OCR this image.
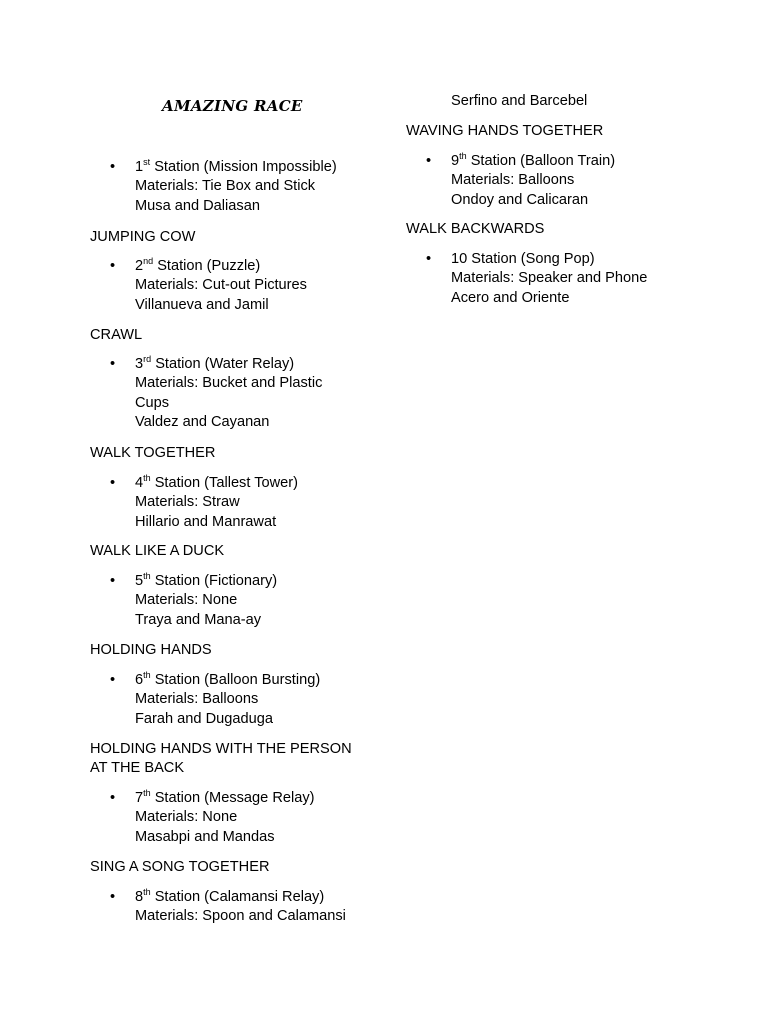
AMAZING RACE
• 1st Station (Mission Impossible)
Materials: Tie Box and Stick
Musa and Daliasan
JUMPING COW
• 2nd Station (Puzzle)
Materials: Cut-out Pictures
Villanueva and Jamil
CRAWL
• 3rd Station (Water Relay)
Materials: Bucket and Plastic
Cups
Valdez and Cayanan
WALK TOGETHER
• 4th Station (Tallest Tower)
Materials: Straw
Hillario and Manrawat
WALK LIKE A DUCK
• 5th Station (Fictionary)
Materials: None
Traya and Mana-ay
HOLDING HANDS
• 6th Station (Balloon Bursting)
Materials: Balloons
Farah and Dugaduga
HOLDING HANDS WITH THE PERSON
AT THE BACK
• 7th Station (Message Relay)
Materials: None
Masabpi and Mandas
SING A SONG TOGETHER
• 8th Station (Calamansi Relay)
Materials: Spoon and Calamansi
Serfino and Barcebel
WAVING HANDS TOGETHER
• 9th Station (Balloon Train)
Materials: Balloons
Ondoy and Calicaran
WALK BACKWARDS
• 10 Station (Song Pop)
Materials: Speaker and Phone
Acero and Oriente
